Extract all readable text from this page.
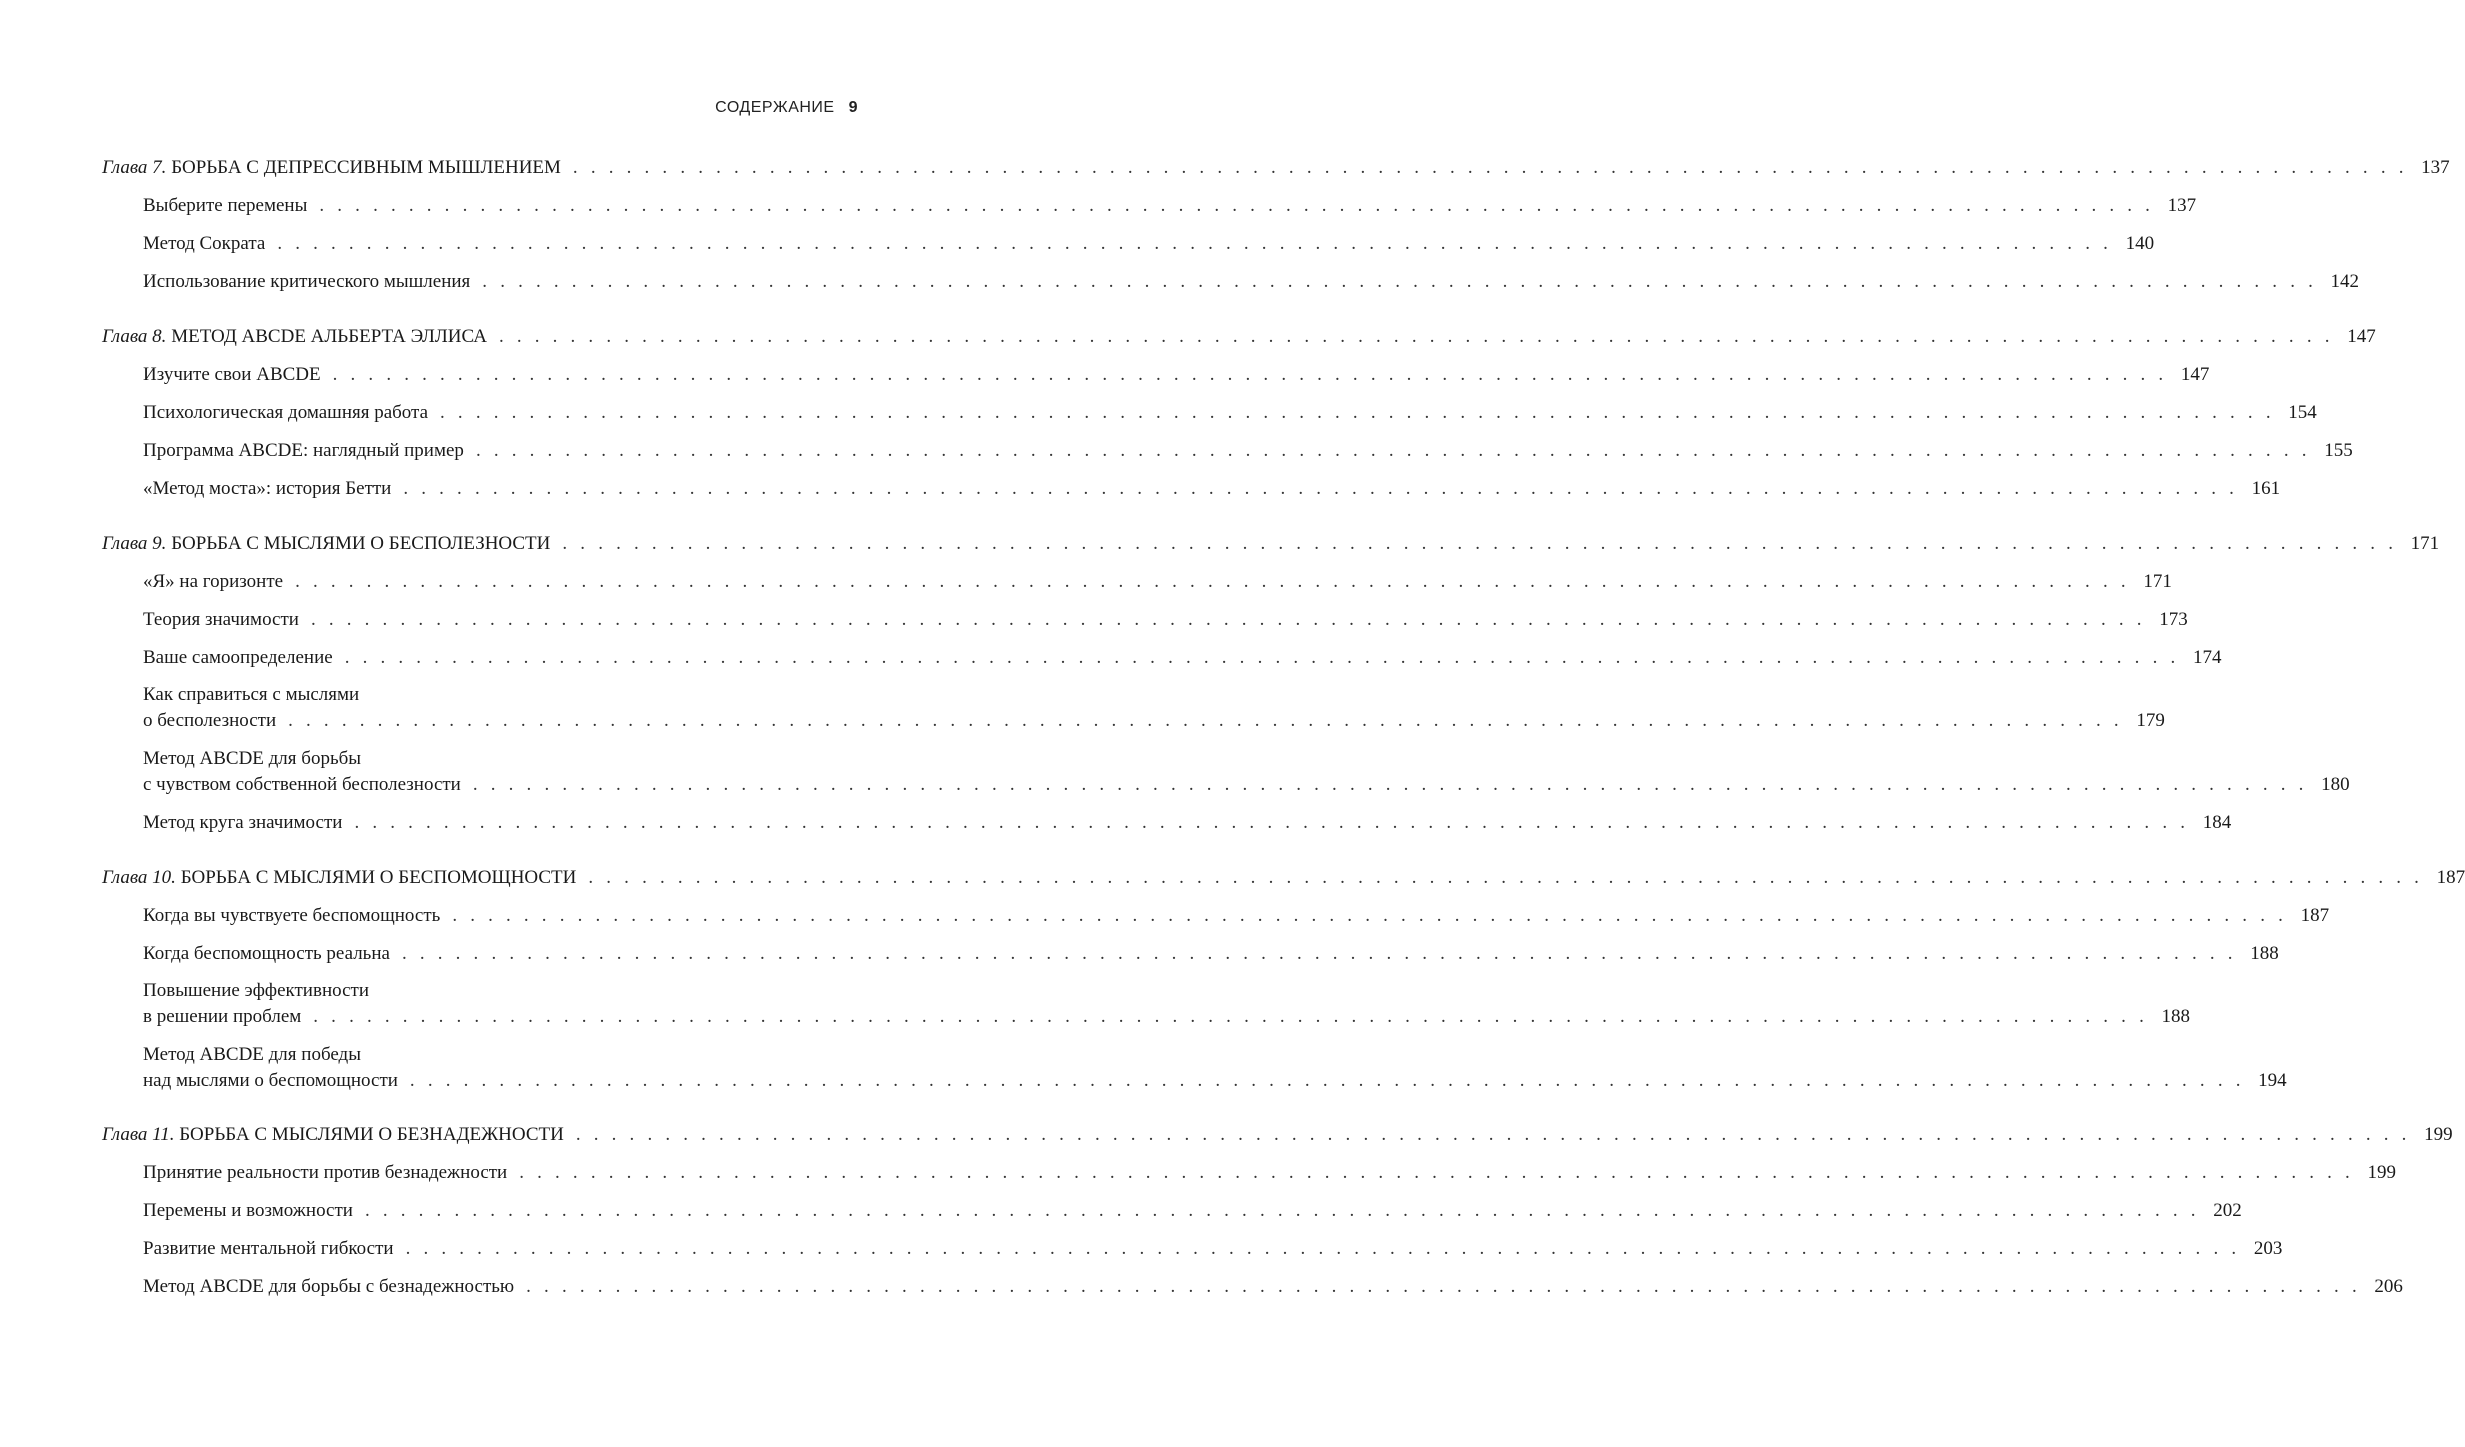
СОДЕРЖАНИЕ 9
Глава 7. БОРЬБА С ДЕПРЕССИВНЫМ МЫШЛЕНИЕМ . . . . . . . . . . . . . . . . . . . . . . . . . . . . . . . . . . . . . . . . . . . . . . . . . . . . . . . . . . . . . . . . . . . . . . . . . . . . . . . . . . . . . . . . . . . . . . . . . . . . . . . 137
Выберите перемены . . . . . . . . . . . . . . . . . . . . . . . . . . . . . . . . . . . . . . . . . . . . . . . . . . . . . . . . . . . . . . . . . . . . . . . . . . . . . . . . . . . . . . . . . . . . . . . . . . . . . . . 137
Метод Сократа . . . . . . . . . . . . . . . . . . . . . . . . . . . . . . . . . . . . . . . . . . . . . . . . . . . . . . . . . . . . . . . . . . . . . . . . . . . . . . . . . . . . . . . . . . . . . . . . . . . . . . . 140
Использование критического мышления . . . . . . . . . . . . . . . . . . . . . . . . . . . . . . . . . . . . . . . . . . . . . . . . . . . . . . . . . . . . . . . . . . . . . . . . . . . . . . . . . . . . . . . . . . . . . . . . . . . . . . . 142
Глава 8. МЕТОД ABCDE АЛЬБЕРТА ЭЛЛИСА . . . . . . . . . . . . . . . . . . . . . . . . . . . . . . . . . . . . . . . . . . . . . . . . . . . . . . . . . . . . . . . . . . . . . . . . . . . . . . . . . . . . . . . . . . . . . . . . . . . . . . . 147
Изучите свои ABCDE . . . . . . . . . . . . . . . . . . . . . . . . . . . . . . . . . . . . . . . . . . . . . . . . . . . . . . . . . . . . . . . . . . . . . . . . . . . . . . . . . . . . . . . . . . . . . . . . . . . . . . . 147
Психологическая домашняя работа . . . . . . . . . . . . . . . . . . . . . . . . . . . . . . . . . . . . . . . . . . . . . . . . . . . . . . . . . . . . . . . . . . . . . . . . . . . . . . . . . . . . . . . . . . . . . . . . . . . . . . . 154
Программа ABCDE: наглядный пример . . . . . . . . . . . . . . . . . . . . . . . . . . . . . . . . . . . . . . . . . . . . . . . . . . . . . . . . . . . . . . . . . . . . . . . . . . . . . . . . . . . . . . . . . . . . . . . . . . . . . . . 155
«Метод моста»: история Бетти . . . . . . . . . . . . . . . . . . . . . . . . . . . . . . . . . . . . . . . . . . . . . . . . . . . . . . . . . . . . . . . . . . . . . . . . . . . . . . . . . . . . . . . . . . . . . . . . . . . . . . . 161
Глава 9. БОРЬБА С МЫСЛЯМИ О БЕСПОЛЕЗНОСТИ . . . . . . . . . . . . . . . . . . . . . . . . . . . . . . . . . . . . . . . . . . . . . . . . . . . . . . . . . . . . . . . . . . . . . . . . . . . . . . . . . . . . . . . . . . . . . . . . . . . . . . . 171
«Я» на горизонте . . . . . . . . . . . . . . . . . . . . . . . . . . . . . . . . . . . . . . . . . . . . . . . . . . . . . . . . . . . . . . . . . . . . . . . . . . . . . . . . . . . . . . . . . . . . . . . . . . . . . . . 171
Теория значимости . . . . . . . . . . . . . . . . . . . . . . . . . . . . . . . . . . . . . . . . . . . . . . . . . . . . . . . . . . . . . . . . . . . . . . . . . . . . . . . . . . . . . . . . . . . . . . . . . . . . . . . 173
Ваше самоопределение . . . . . . . . . . . . . . . . . . . . . . . . . . . . . . . . . . . . . . . . . . . . . . . . . . . . . . . . . . . . . . . . . . . . . . . . . . . . . . . . . . . . . . . . . . . . . . . . . . . . . . . 174
Как справиться с мыслями
о бесполезности . . . . . . . . . . . . . . . . . . . . . . . . . . . . . . . . . . . . . . . . . . . . . . . . . . . . . . . . . . . . . . . . . . . . . . . . . . . . . . . . . . . . . . . . . . . . . . . . . . . . . . . 179
Метод ABCDE для борьбы
с чувством собственной бесполезности . . . . . . . . . . . . . . . . . . . . . . . . . . . . . . . . . . . . . . . . . . . . . . . . . . . . . . . . . . . . . . . . . . . . . . . . . . . . . . . . . . . . . . . . . . . . . . . . . . . . . . . 180
Метод круга значимости . . . . . . . . . . . . . . . . . . . . . . . . . . . . . . . . . . . . . . . . . . . . . . . . . . . . . . . . . . . . . . . . . . . . . . . . . . . . . . . . . . . . . . . . . . . . . . . . . . . . . . . 184
Глава 10. БОРЬБА С МЫСЛЯМИ О БЕСПОМОЩНОСТИ . . . . . . . . . . . . . . . . . . . . . . . . . . . . . . . . . . . . . . . . . . . . . . . . . . . . . . . . . . . . . . . . . . . . . . . . . . . . . . . . . . . . . . . . . . . . . . . . . . . . . . . 187
Когда вы чувствуете беспомощность . . . . . . . . . . . . . . . . . . . . . . . . . . . . . . . . . . . . . . . . . . . . . . . . . . . . . . . . . . . . . . . . . . . . . . . . . . . . . . . . . . . . . . . . . . . . . . . . . . . . . . . 187
Когда беспомощность реальна . . . . . . . . . . . . . . . . . . . . . . . . . . . . . . . . . . . . . . . . . . . . . . . . . . . . . . . . . . . . . . . . . . . . . . . . . . . . . . . . . . . . . . . . . . . . . . . . . . . . . . . 188
Повышение эффективности
в решении проблем . . . . . . . . . . . . . . . . . . . . . . . . . . . . . . . . . . . . . . . . . . . . . . . . . . . . . . . . . . . . . . . . . . . . . . . . . . . . . . . . . . . . . . . . . . . . . . . . . . . . . . . 188
Метод ABCDE для победы
над мыслями о беспомощности . . . . . . . . . . . . . . . . . . . . . . . . . . . . . . . . . . . . . . . . . . . . . . . . . . . . . . . . . . . . . . . . . . . . . . . . . . . . . . . . . . . . . . . . . . . . . . . . . . . . . . . 194
Глава 11. БОРЬБА С МЫСЛЯМИ О БЕЗНАДЕЖНОСТИ . . . . . . . . . . . . . . . . . . . . . . . . . . . . . . . . . . . . . . . . . . . . . . . . . . . . . . . . . . . . . . . . . . . . . . . . . . . . . . . . . . . . . . . . . . . . . . . . . . . . . . . 199
Принятие реальности против безнадежности . . . . . . . . . . . . . . . . . . . . . . . . . . . . . . . . . . . . . . . . . . . . . . . . . . . . . . . . . . . . . . . . . . . . . . . . . . . . . . . . . . . . . . . . . . . . . . . . . . . . . . . 199
Перемены и возможности . . . . . . . . . . . . . . . . . . . . . . . . . . . . . . . . . . . . . . . . . . . . . . . . . . . . . . . . . . . . . . . . . . . . . . . . . . . . . . . . . . . . . . . . . . . . . . . . . . . . . . . 202
Развитие ментальной гибкости . . . . . . . . . . . . . . . . . . . . . . . . . . . . . . . . . . . . . . . . . . . . . . . . . . . . . . . . . . . . . . . . . . . . . . . . . . . . . . . . . . . . . . . . . . . . . . . . . . . . . . . 203
Метод ABCDE для борьбы с безнадежностью . . . . . . . . . . . . . . . . . . . . . . . . . . . . . . . . . . . . . . . . . . . . . . . . . . . . . . . . . . . . . . . . . . . . . . . . . . . . . . . . . . . . . . . . . . . . . . . . . . . . . . . 206
